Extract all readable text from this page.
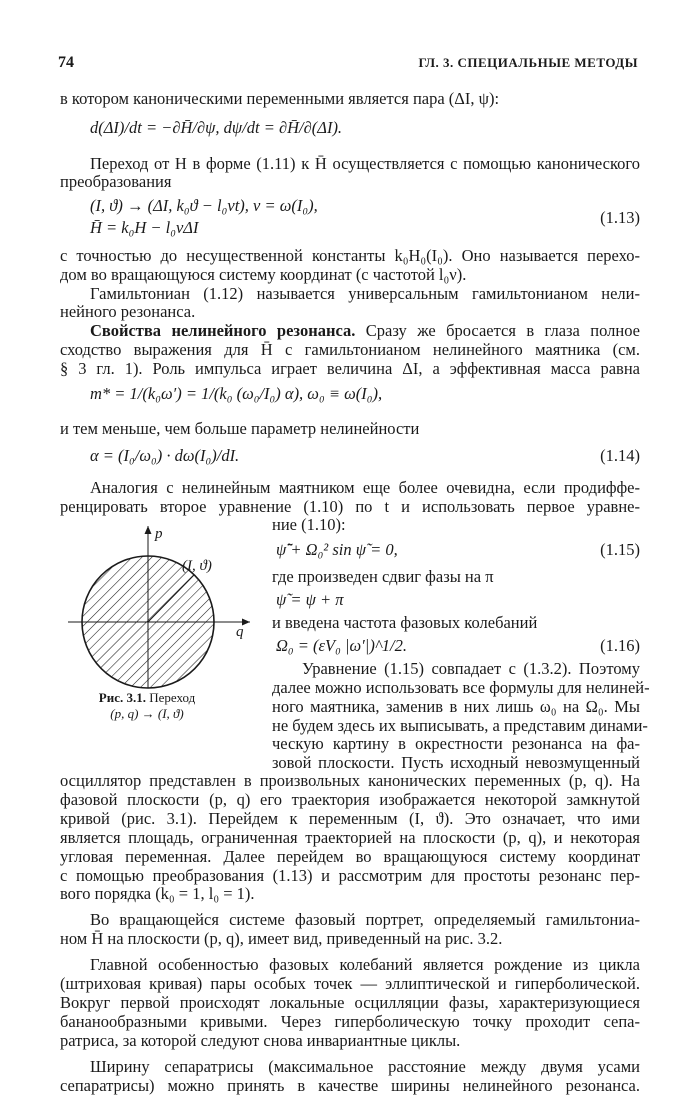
74	ГЛ. 3. СПЕЦИАЛЬНЫЕ МЕТОДЫ
в котором каноническими переменными является пара (ΔI, ψ):
d(ΔI)/dt = −∂H̄/∂ψ, dψ/dt = ∂H̄/∂(ΔI).
Переход от H в форме (1.11) к H̄ осуществляется с помощью канонического
преобразования
(I, ϑ) → (ΔI, k₀ϑ − l₀νt), ν = ω(I₀),
H̄ = k₀H − l₀νΔI
(1.13)
с точностью до несущественной константы k₀H₀(I₀). Оно называется перехо-
дом во вращающуюся систему координат (с частотой l₀ν).
Гамильтониан (1.12) называется универсальным гамильтонианом нели-
нейного резонанса.
Свойства нелинейного резонанса. Сразу же бросается в глаза полное
сходство выражения для H̄ с гамильтонианом нелинейного маятника (см.
§ 3 гл. 1). Роль импульса играет величина ΔI, а эффективная масса равна
m* = 1/(k₀ω′) = 1/(k₀ (ω₀/I₀) α), ω₀ ≡ ω(I₀),
и тем меньше, чем больше параметр нелинейности
α = (I₀/ω₀) · dω(I₀)/dI.	(1.14)
Аналогия с нелинейным маятником еще более очевидна, если продиффе-
ренцировать второе уравнение (1.10) по t и использовать первое уравне-
ние (1.10):
ψ̃̈ + Ω₀² sin ψ̃ = 0,	(1.15)
где произведен сдвиг фазы на π
ψ̃ = ψ + π
и введена частота фазовых колебаний
Ω₀ = (εV₀ |ω′|)^1/2.	(1.16)
Уравнение (1.15) совпадает с (1.3.2). Поэтому
далее можно использовать все формулы для нелиней-
ного маятника, заменив в них лишь ω₀ на Ω₀. Мы
не будем здесь их выписывать, а представим динами-
ческую картину в окрестности резонанса на фа-
зовой плоскости. Пусть исходный невозмущенный
осциллятор представлен в произвольных канонических переменных (p, q). На
фазовой плоскости (p, q) его траектория изображается некоторой замкнутой
кривой (рис. 3.1). Перейдем к переменным (I, ϑ). Это означает, что ими
является площадь, ограниченная траекторией на плоскости (p, q), и некоторая
угловая переменная. Далее перейдем во вращающуюся систему координат
с помощью преобразования (1.13) и рассмотрим для простоты резонанс пер-
вого порядка (k₀ = 1, l₀ = 1).
Во вращающейся системе фазовый портрет, определяемый гамильтониа-
ном H̄ на плоскости (p, q), имеет вид, приведенный на рис. 3.2.
Главной особенностью фазовых колебаний является рождение из цикла
(штриховая кривая) пары особых точек — эллиптической и гиперболической.
Вокруг первой происходят локальные осцилляции фазы, характеризующиеся
бананообразными кривыми. Через гиперболическую точку проходит сепа-
ратриса, за которой следуют снова инвариантные циклы.
Ширину сепаратрисы (максимальное расстояние между двумя усами
сепаратрисы) можно принять в качестве ширины нелинейного резонанса.
p
q
(I, ϑ)
Рис. 3.1. Переход
(p, q) → (I, ϑ)
